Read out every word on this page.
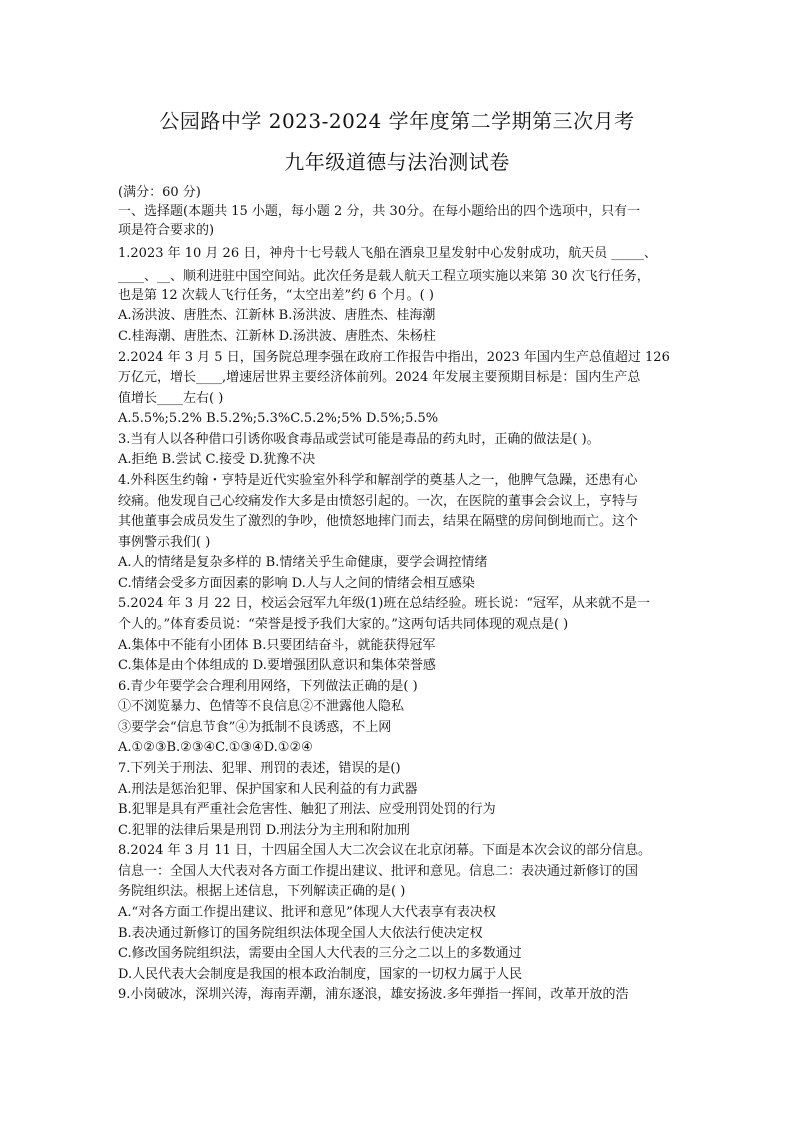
公园路中学 2023-2024 学年度第二学期第三次月考
九年级道德与法治测试卷
(满分：60 分)
一、选择题(本题共 15 小题，每小题 2 分，共 30分。在每小题给出的四个选项中，只有一
项是符合要求的)
1.2023 年 10 月 26 日，神舟十七号载人飞船在酒泉卫星发射中心发射成功，航天员 _____、
____、__、顺利进驻中国空间站。此次任务是载人航天工程立项实施以来第 30 次飞行任务，
也是第 12 次载人飞行任务，“太空出差”约 6 个月。( )
A.汤洪波、唐胜杰、江新林 B.汤洪波、唐胜杰、桂海潮
C.桂海潮、唐胜杰、江新林 D.汤洪波、唐胜杰、朱杨柱
2.2024 年 3 月 5 日，国务院总理李强在政府工作报告中指出，2023 年国内生产总值超过 126
万亿元，增长____,增速居世界主要经济体前列。2024 年发展主要预期目标是：国内生产总
值增长____左右( )
A.5.5%;5.2% B.5.2%;5.3%C.5.2%;5% D.5%;5.5%
3.当有人以各种借口引诱你吸食毒品或尝试可能是毒品的药丸时，正确的做法是( )。
A.拒绝 B.尝试 C.接受 D.犹豫不决
4.外科医生约翰・亨特是近代实验室外科学和解剖学的奠基人之一，他脾气急躁，还患有心
绞痛。他发现自己心绞痛发作大多是由愤怒引起的。一次，在医院的董事会会议上，亨特与
其他董事会成员发生了激烈的争吵，他愤怒地摔门而去，结果在隔壁的房间倒地而亡。这个
事例警示我们( )
A.人的情绪是复杂多样的 B.情绪关乎生命健康，要学会调控情绪
C.情绪会受多方面因素的影响 D.人与人之间的情绪会相互感染
5.2024 年 3 月 22 日，校运会冠军九年级(1)班在总结经验。班长说：“冠军，从来就不是一
个人的。”体育委员说：“荣誉是授予我们大家的。”这两句话共同体现的观点是( )
A.集体中不能有小团体 B.只要团结奋斗，就能获得冠军
C.集体是由个体组成的 D.要增强团队意识和集体荣誉感
6.青少年要学会合理利用网络，下列做法正确的是( )
①不浏览暴力、色情等不良信息②不泄露他人隐私
③要学会“信息节食”④为抵制不良诱惑，不上网
A.①②③B.②③④C.①③④D.①②④
7.下列关于刑法、犯罪、刑罚的表述，错误的是()
A.刑法是惩治犯罪、保护国家和人民利益的有力武器
B.犯罪是具有严重社会危害性、触犯了刑法、应受刑罚处罚的行为
C.犯罪的法律后果是刑罚 D.刑法分为主刑和附加刑
8.2024 年 3 月 11 日，十四届全国人大二次会议在北京闭幕。下面是本次会议的部分信息。
信息一：全国人大代表对各方面工作提出建议、批评和意见。信息二：表决通过新修订的国
务院组织法。根据上述信息，下列解读正确的是( )
A.“对各方面工作提出建议、批评和意见”体现人大代表享有表决权
B.表决通过新修订的国务院组织法体现全国人大依法行使决定权
C.修改国务院组织法，需要由全国人大代表的三分之二以上的多数通过
D.人民代表大会制度是我国的根本政治制度，国家的一切权力属于人民
9.小岗破冰，深圳兴涛，海南弄潮，浦东逐浪，雄安扬波.多年弹指一挥间，改革开放的浩
